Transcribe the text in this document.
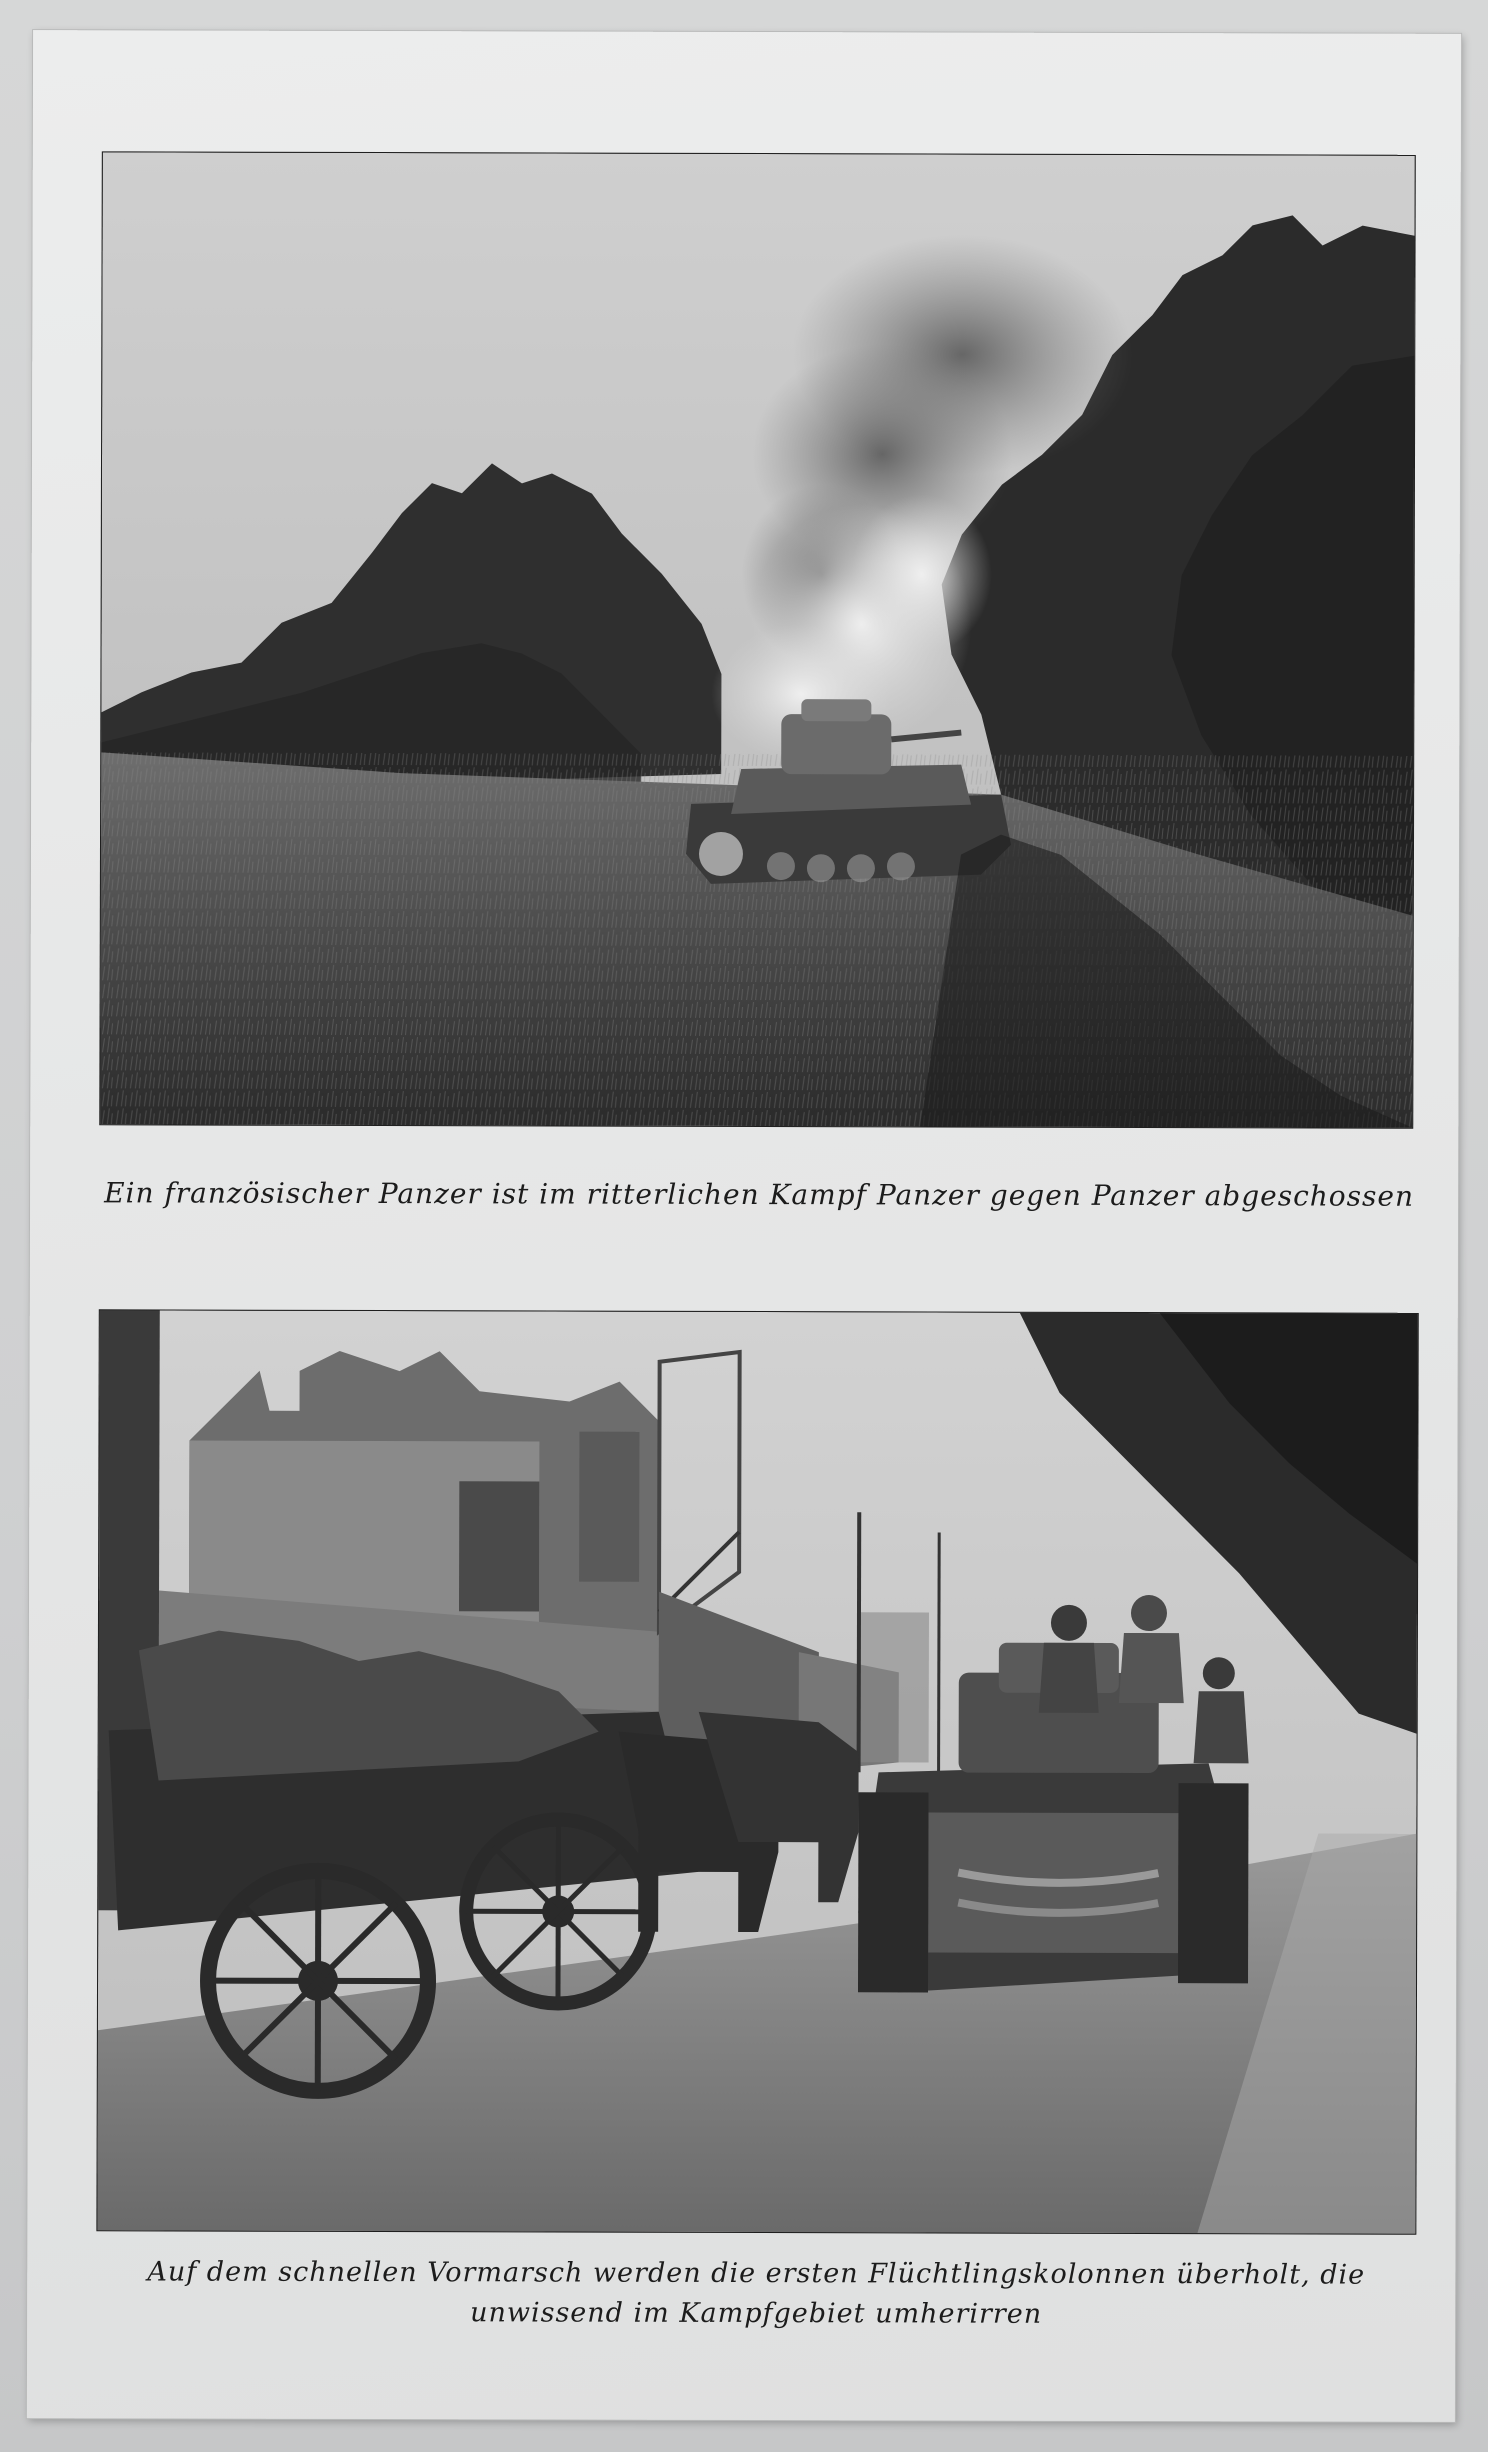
Ein französischer Panzer ist im ritterlichen Kampf Panzer gegen Panzer abgeschossen
Auf dem schnellen Vormarsch werden die ersten Flüchtlingskolonnen überholt, die
unwissend im Kampfgebiet umherirren
